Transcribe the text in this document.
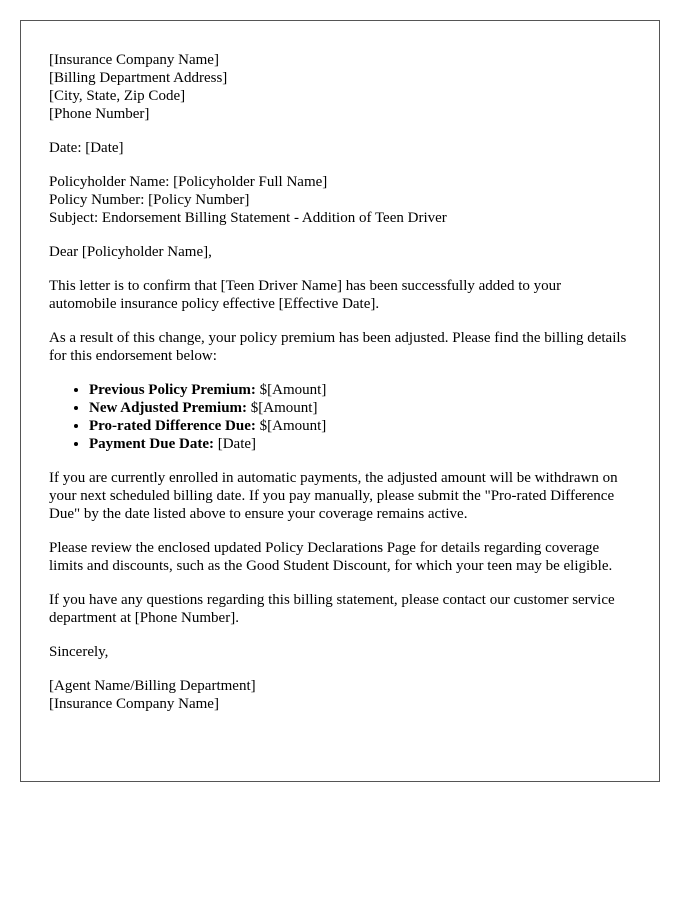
[Insurance Company Name]
[Billing Department Address]
[City, State, Zip Code]
[Phone Number]

Date: [Date]

Policyholder Name: [Policyholder Full Name]
Policy Number: [Policy Number]
Subject: Endorsement Billing Statement - Addition of Teen Driver

Dear [Policyholder Name],

This letter is to confirm that [Teen Driver Name] has been successfully added to your automobile insurance policy effective [Effective Date].

As a result of this change, your policy premium has been adjusted. Please find the billing details for this endorsement below:

• Previous Policy Premium: $[Amount]
• New Adjusted Premium: $[Amount]
• Pro-rated Difference Due: $[Amount]
• Payment Due Date: [Date]

If you are currently enrolled in automatic payments, the adjusted amount will be withdrawn on your next scheduled billing date. If you pay manually, please submit the "Pro-rated Difference Due" by the date listed above to ensure your coverage remains active.

Please review the enclosed updated Policy Declarations Page for details regarding coverage limits and discounts, such as the Good Student Discount, for which your teen may be eligible.

If you have any questions regarding this billing statement, please contact our customer service department at [Phone Number].

Sincerely,

[Agent Name/Billing Department]
[Insurance Company Name]
